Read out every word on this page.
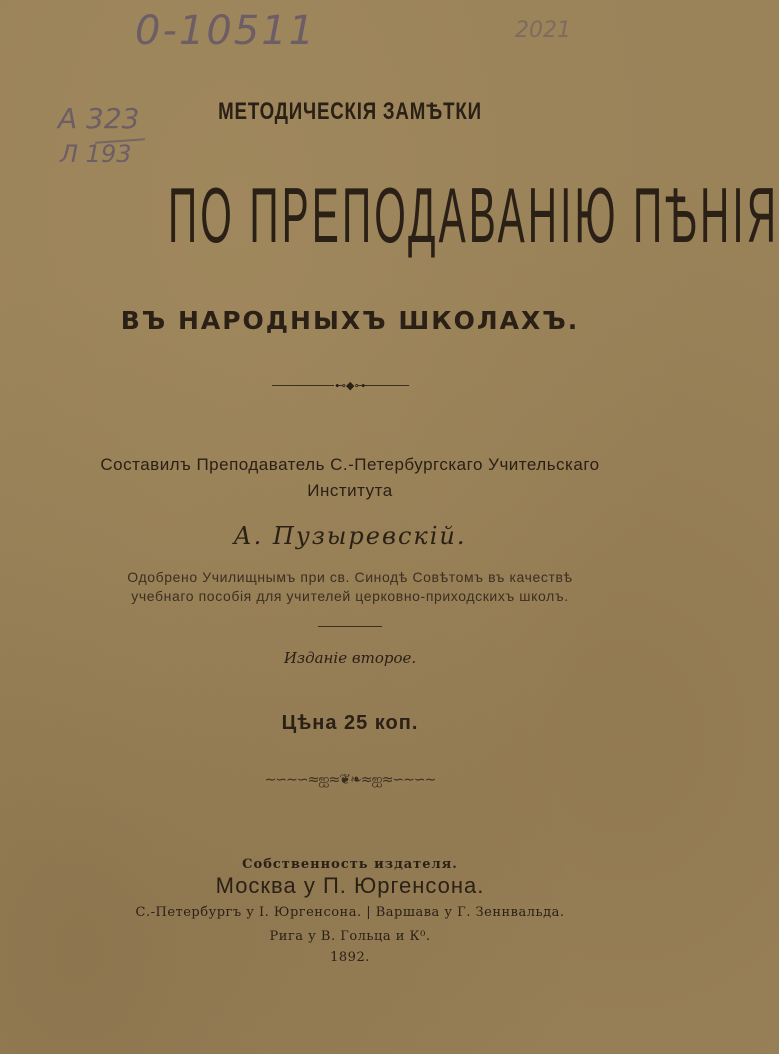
0-10511	2021
А 323
Л 193
МЕТОДИЧЕСКІЯ ЗАМѢТКИ
ПО ПРЕПОДАВАНІЮ ПѢНІЯ
ВЪ НАРОДНЫХЪ ШКОЛАХЪ.
⊷◆⊶
Составилъ Преподаватель С.-Петербургскаго Учительскаго
Института
А. Пузыревскій.
Одобрено Училищнымъ при св. Синодѣ Совѣтомъ въ качествѣ
учебнаго пособія для учителей церковно-приходскихъ школъ.
Изданіе второе.
Цѣна 25 коп.
∼∽∼∽≈ஐ≈❦❧≈ஐ≈∽∼∽∼
Собственность издателя.
Москва у П. Юргенсона.
С.-Петербургъ у І. Юргенсона. | Варшава у Г. Зеннвальда.
Рига у В. Гольца и К⁰.
1892.
